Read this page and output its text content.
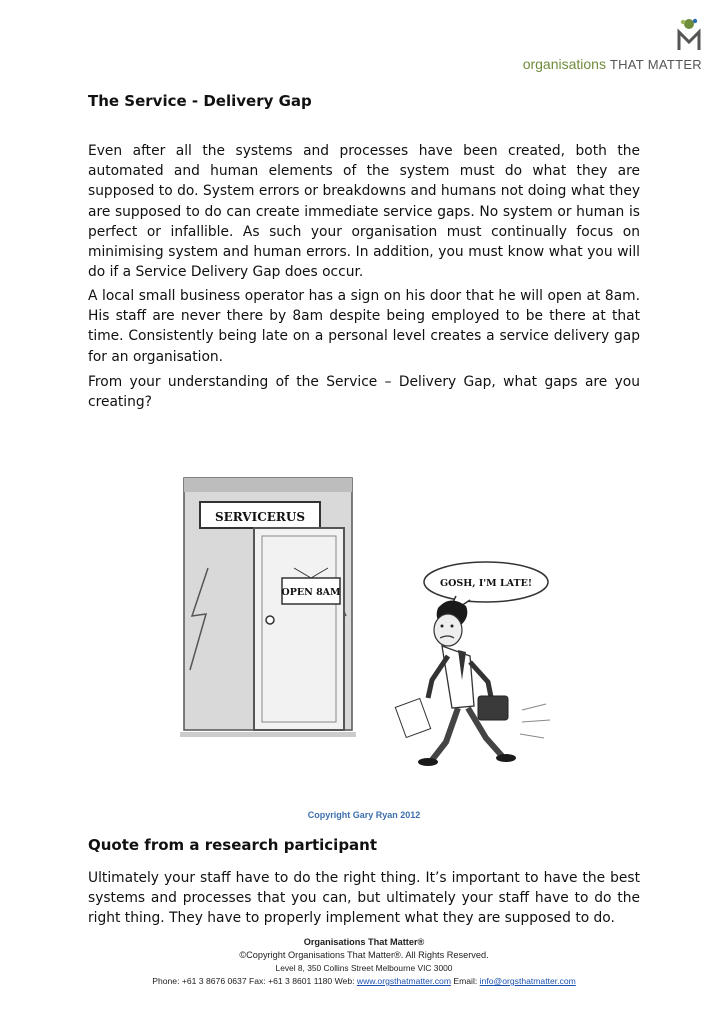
organisations THAT MATTER
The Service - Delivery Gap

Even after all the systems and processes have been created, both the automated and human elements of the system must do what they are supposed to do. System errors or breakdowns and humans not doing what they are supposed to do can create immediate service gaps. No system or human is perfect or infallible. As such your organisation must continually focus on minimising system and human errors. In addition, you must know what you will do if a Service Delivery Gap does occur.

A local small business operator has a sign on his door that he will open at 8am. His staff are never there by 8am despite being employed to be there at that time. Consistently being late on a personal level creates a service delivery gap for an organisation.

From your understanding of the Service – Delivery Gap, what gaps are you creating?

SERVICERUS
OPEN 8AM
GOSH, I'M LATE!
Copyright Gary Ryan 2012
Quote from a research participant

Ultimately your staff have to do the right thing. It’s important to have the best systems and processes that you can, but ultimately your staff have to do the right thing. They have to properly implement what they are supposed to do.

Organisations That Matter®
©Copyright Organisations That Matter®. All Rights Reserved.
Level 8, 350 Collins Street Melbourne VIC 3000
Phone: +61 3 8676 0637 Fax: +61 3 8601 1180 Web: www.orgsthatmatter.com Email: info@orgsthatmatter.com
